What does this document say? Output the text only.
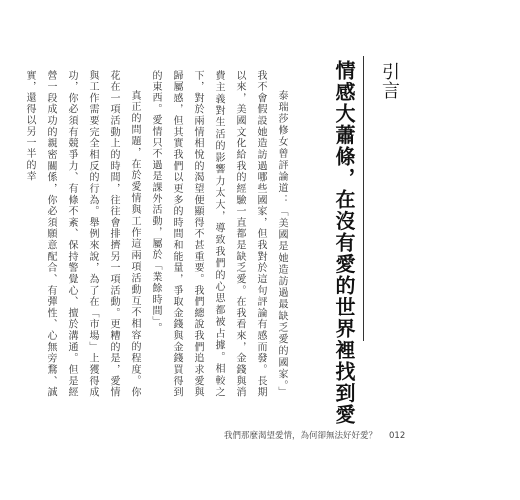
引言
情感大蕭條，在沒有愛的世界裡找到愛

泰瑞莎修女曾評論道：「美國是她造訪過最缺乏愛的國家。」我不會假設她造訪過哪些國家，但我對於這句評論有感而發。長期以來，美國文化給我的經驗一直都是缺乏愛。在我看來，金錢與消費主義對生活的影響力太大，導致我們的心思都被占據。相較之下，對於兩情相悅的渴望便顯得不甚重要。我們總說我們追求愛與歸屬感，但其實我們以更多的時間和能量，爭取金錢與金錢買得到的東西。愛情只不過是課外活動，屬於「業餘時間」。

真正的問題，在於愛情與工作這兩項活動互不相容的程度。你花在一項活動上的時間，往往會排擠另一項活動。更糟的是，愛情與工作需要完全相反的行為。舉例來說，為了在「市場」上獲得成功，你必須有競爭力、有條不紊、保持警覺心、擅於溝通。但是經營一段成功的親密關係，你必須願意配合、有彈性、心無旁鶩、誠實，還得以另一半的幸

我們那麼渴望愛情，為何卻無法好好愛？ 012
